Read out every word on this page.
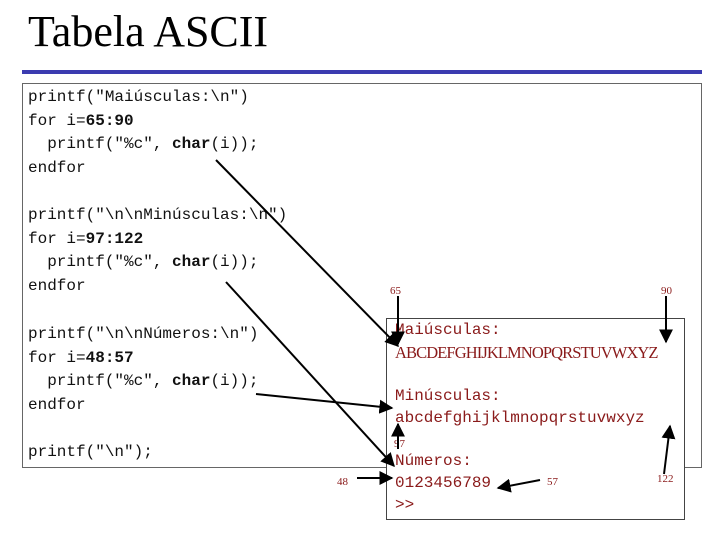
Tabela ASCII
printf("Maiúsculas:\n")
for i=65:90
printf("%c", char(i));
endfor
printf("\n\nMinúsculas:\n")
for i=97:122
printf("%c", char(i));
endfor
printf("\n\nNúmeros:\n")
for i=48:57
printf("%c", char(i));
endfor
printf("\n");
Maiúsculas:
ABCDEFGHIJKLMNOPQRSTUVWXYZ
Minúsculas:
abcdefghijklmnopqrstuvwxyz
Números:
0123456789
>>
65	90
97
122
48	57
